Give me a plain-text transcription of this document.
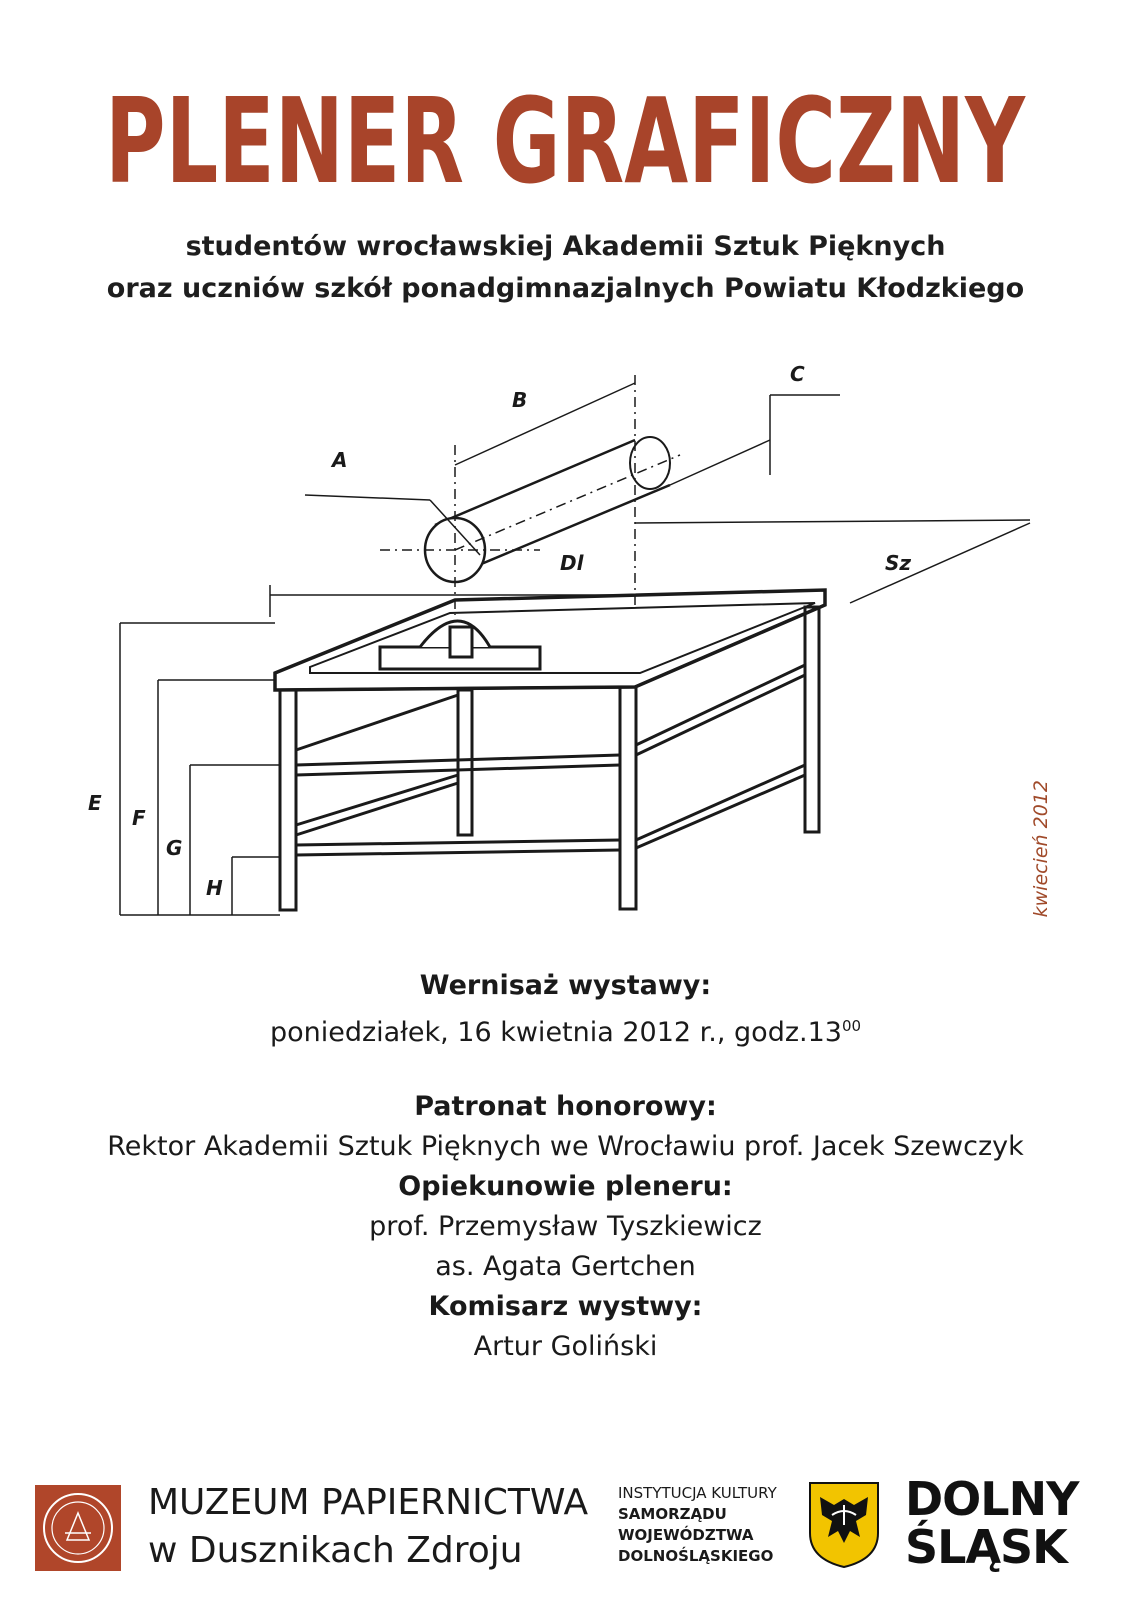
PLENER GRAFICZNY
studentów wrocławskiej Akademii Sztuk Pięknych
oraz uczniów szkół ponadgimnazjalnych Powiatu Kłodzkiego
A
B
C
Dl	Sz
E
F
G
H	kwiecień 2012
Wernisaż wystawy:
poniedziałek, 16 kwietnia 2012 r., $godz.13^{00}$
Patronat honorowy:
Rektor Akademii Sztuk Pięknych we Wrocławiu prof. Jacek Szewczyk
Opiekunowie pleneru:
prof. Przemysław Tyszkiewicz
as. Agata Gertchen
Komisarz wystwy:
Artur Goliński
MUZEUM PAPIERNICTWA
w Dusznikach Zdroju
INSTYTUCJA KULTURY
SAMORZĄDU
WOJEWÓDZTWA
DOLNOŚLĄSKIEGO
DOLNY
ŚLĄSK
